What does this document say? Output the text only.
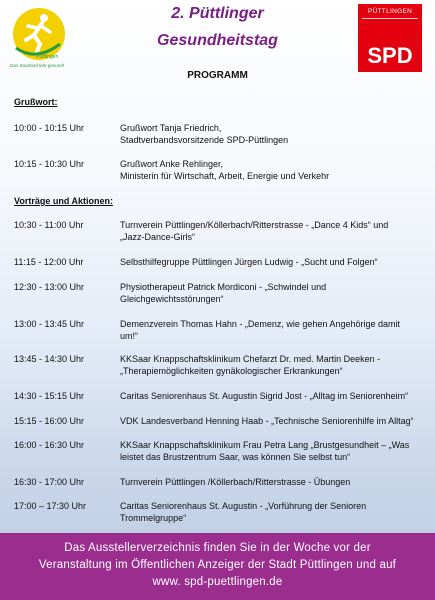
Püttlingen
Das Saarland lebt gesund!
2. Püttlinger
Gesundheitstag
PÜTTLINGEN
SPD
PROGRAMM
Grußwort:
10:00 - 10:15 Uhr	Grußwort Tanja Friedrich,
Stadtverbandsvorsitzende SPD-Püttlingen
10:15 - 10:30 Uhr	Grußwort Anke Rehlinger,
Ministerin für Wirtschaft, Arbeit, Energie und Verkehr
Vorträge und Aktionen:
10:30 - 11:00 Uhr	Turnverein Püttlingen/Köllerbach/Ritterstrasse - „Dance 4 Kids“ und
„Jazz-Dance-Girls“
11:15 - 12:00 Uhr	Selbsthilfegruppe Püttlingen Jürgen Ludwig - „Sucht und Folgen“
12:30 - 13:00 Uhr	Physiotherapeut Patrick Mordiconi - „Schwindel und
Gleichgewichtsstörungen“
13:00 - 13:45 Uhr	Demenzverein Thomas Hahn - „Demenz, wie gehen Angehörige damit
um!“
13:45 - 14:30 Uhr	KKSaar Knappschaftsklinikum Chefarzt Dr. med. Martin Deeken -
„Therapiemöglichkeiten gynäkologischer Erkrankungen“
14:30 - 15:15 Uhr	Caritas Seniorenhaus St. Augustin Sigrid Jost - „Alltag im Seniorenheim“
15:15 - 16:00 Uhr	VDK Landesverband Henning Haab - „Technische Seniorenhilfe im Alltag“
16:00 - 16:30 Uhr	KKSaar Knappschaftsklinikum Frau Petra Lang „Brustgesundheit – „Was
leistet das Brustzentrum Saar, was können Sie selbst tun“
16:30 - 17:00 Uhr	Turnverein Püttlingen /Köllerbach/Ritterstrasse - Übungen
17:00 – 17:30 Uhr	Caritas Seniorenhaus St. Augustin - „Vorführung der Senioren
Trommelgruppe“
Das Ausstellerverzeichnis finden Sie in der Woche vor der
Veranstaltung im Öffentlichen Anzeiger der Stadt Püttlingen und auf
www. spd-puettlingen.de
